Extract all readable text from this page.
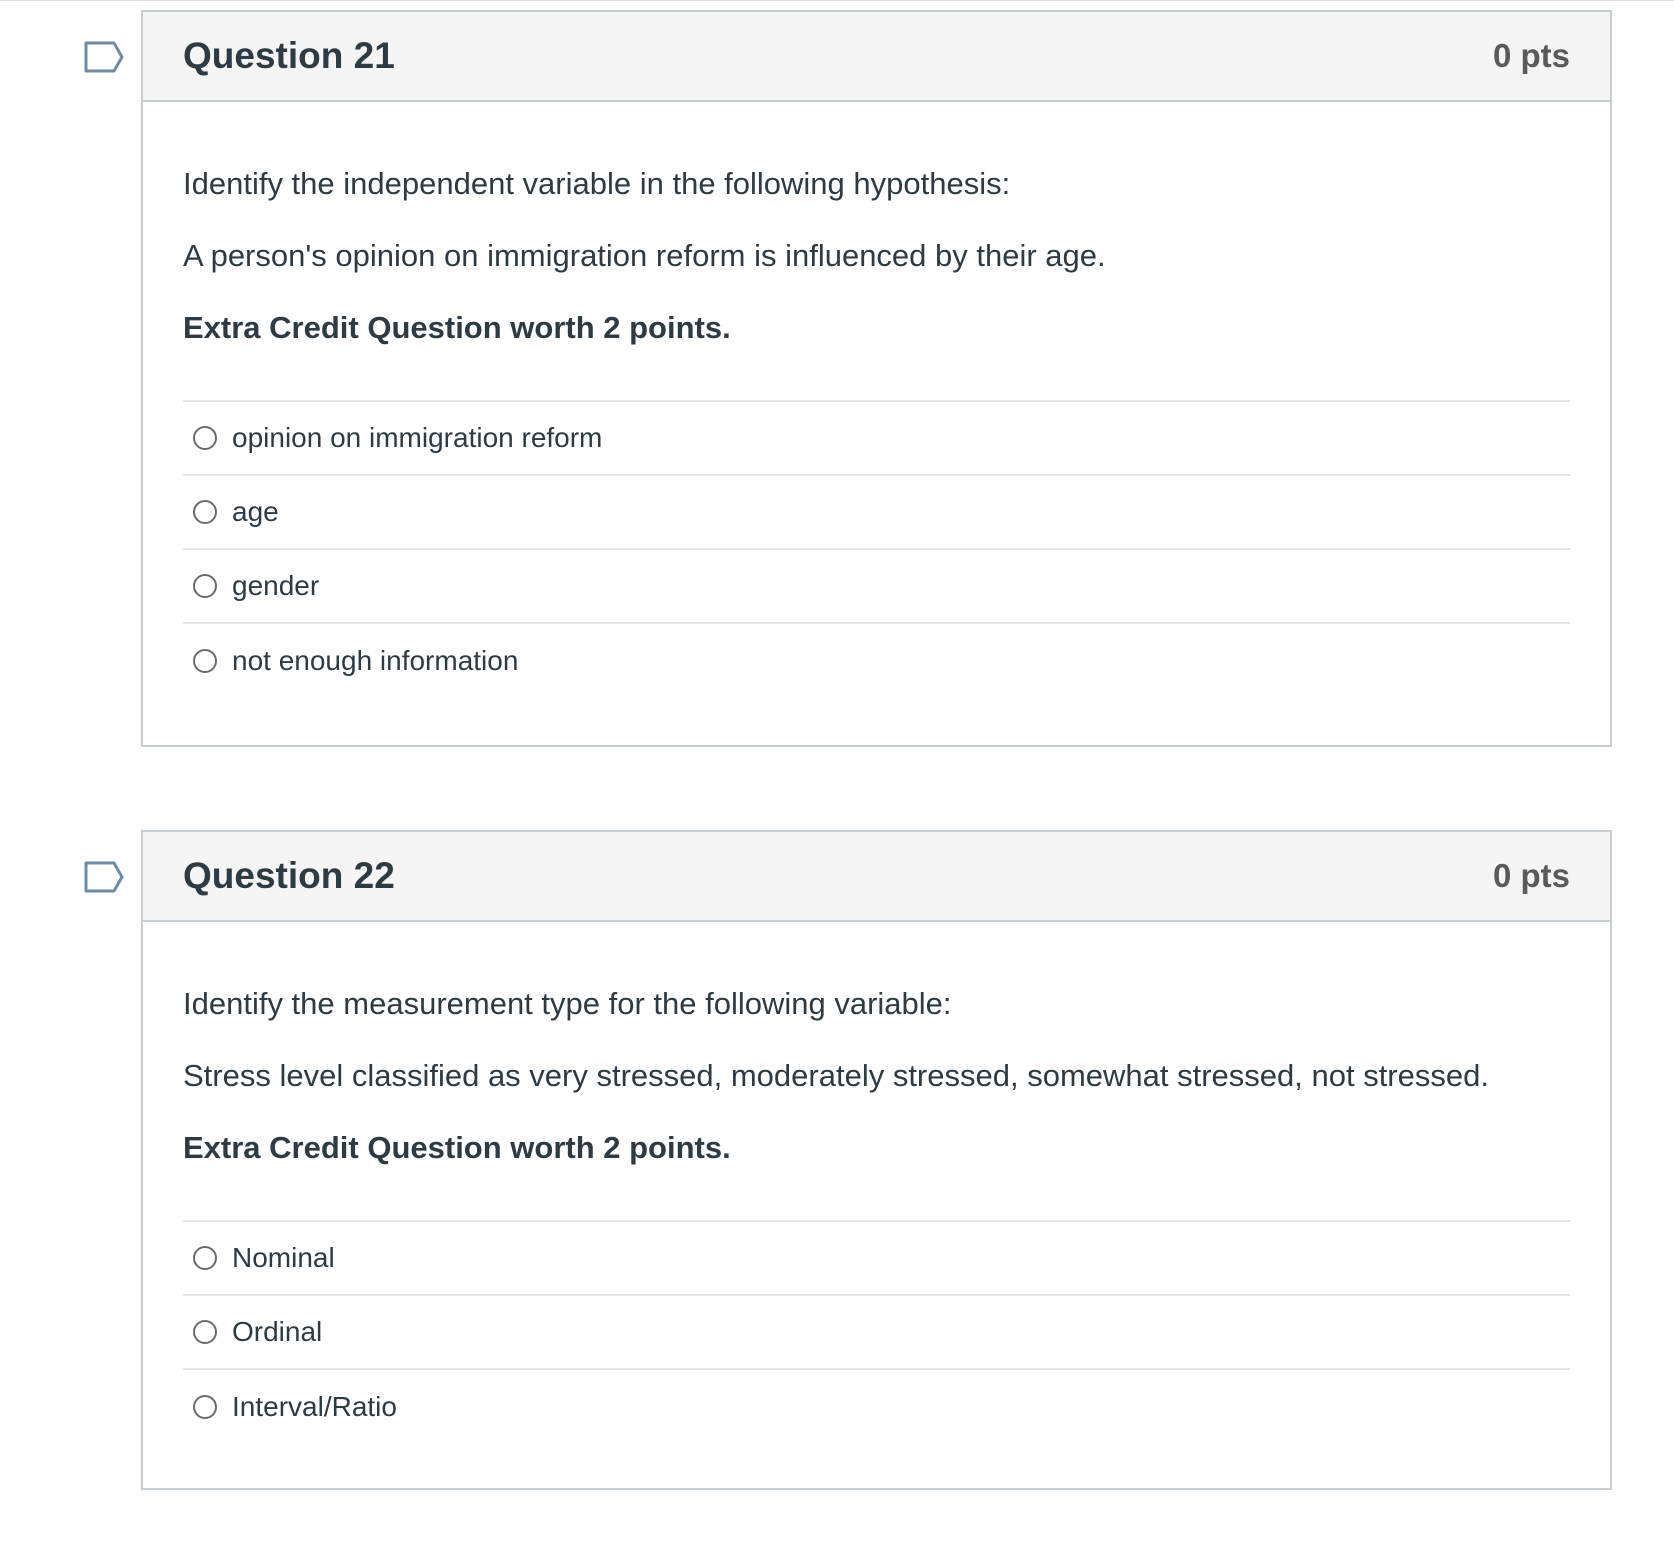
Question 21	0 pts

Identify the independent variable in the following hypothesis:

A person's opinion on immigration reform is influenced by their age.

Extra Credit Question worth 2 points.

opinion on immigration reform
age
gender
not enough information
Question 22	0 pts

Identify the measurement type for the following variable:

Stress level classified as very stressed, moderately stressed, somewhat stressed, not stressed.

Extra Credit Question worth 2 points.

Nominal
Ordinal
Interval/Ratio
